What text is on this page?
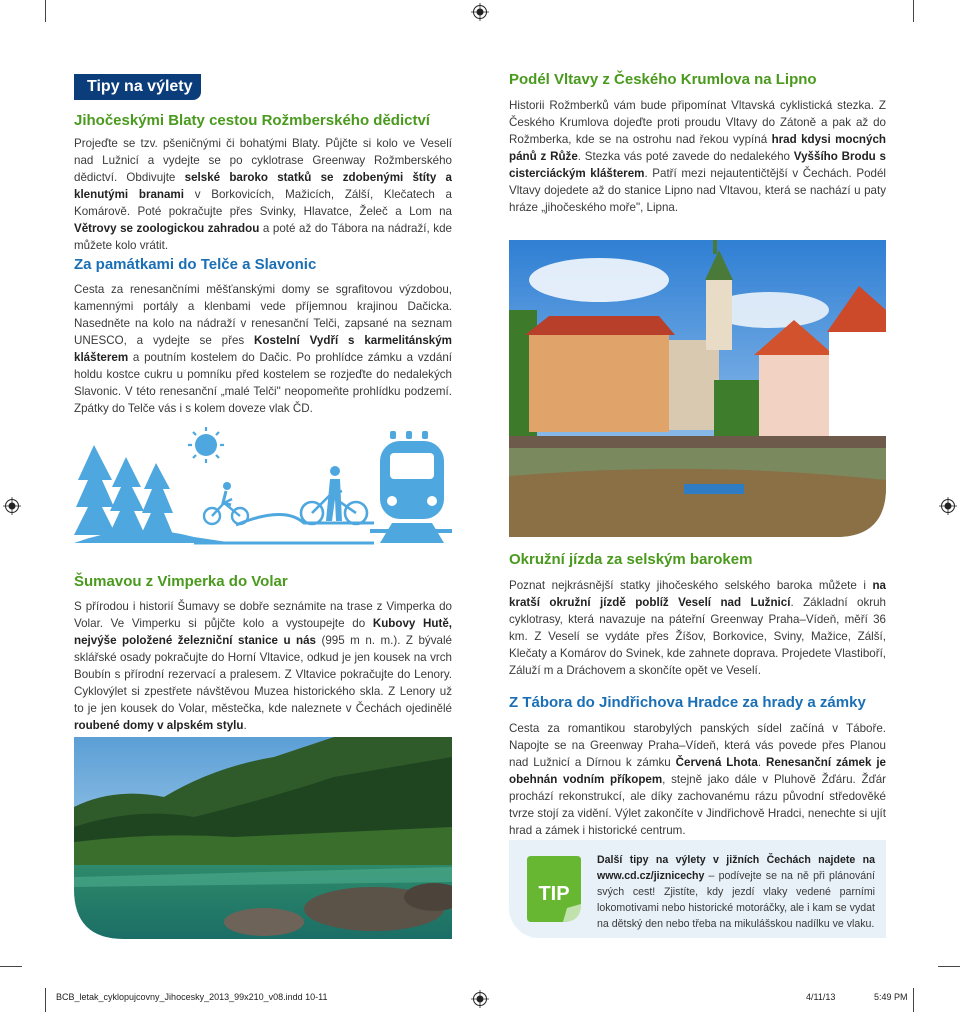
Tipy na výlety
Jihočeskými Blaty cestou Rožmberského dědictví

Projeďte se tzv. pšeničnými či bohatými Blaty. Půjčte si kolo ve Veselí nad Lužnicí a vydejte se po cyklotrase Greenway Rožmberského dědictví. Obdivujte selské baroko statků se zdobenými štíty a klenutými branami v Borkovicích, Mažicích, Zálší, Klečatech a Komárově. Poté pokračujte přes Svinky, Hlavatce, Želeč a Lom na Větrovy se zoologickou zahradou a poté až do Tábora na nádraží, kde můžete kolo vrátit.

Za památkami do Telče a Slavonic

Cesta za renesančními měšťanskými domy se sgrafitovou výzdobou, kamennými portály a klenbami vede příjemnou krajinou Dačicka. Nasedněte na kolo na nádraží v renesanční Telči, zapsané na seznam UNESCO, a vydejte se přes Kostelní Vydří s karmelitánským klášterem a poutním kostelem do Dačic. Po prohlídce zámku a vzdání holdu kostce cukru u pomníku před kostelem se rozjeďte do nedalekých Slavonic. V této renesanční „malé Telči" neopomeňte prohlídku podzemí. Zpátky do Telče vás i s kolem doveze vlak ČD.

Šumavou z Vimperka do Volar

S přírodou i historií Šumavy se dobře seznámite na trase z Vimperka do Volar. Ve Vimperku si půjčte kolo a vystoupejte do Kubovy Hutě, nejvýše položené železniční stanice u nás (995 m n. m.). Z bývalé sklářské osady pokračujte do Horní Vltavice, odkud je jen kousek na vrch Boubín s přírodní rezervací a pralesem. Z Vltavice pokračujte do Lenory. Cyklovýlet si zpestřete návštěvou Muzea historického skla. Z Lenory už to je jen kousek do Volar, městečka, kde naleznete v Čechách ojedinělé roubené domy v alpském stylu.

Podél Vltavy z Českého Krumlova na Lipno

Historii Rožmberků vám bude připomínat Vltavská cyklistická stezka. Z Českého Krumlova dojeďte proti proudu Vltavy do Zátoně a pak až do Rožmberka, kde se na ostrohu nad řekou vypíná hrad kdysi mocných pánů z Růže. Stezka vás poté zavede do nedalekého Vyššího Brodu s cisterciáckým klášterem. Patří mezi nejautentičtější v Čechách. Podél Vltavy dojedete až do stanice Lipno nad Vltavou, která se nachází u paty hráze „jihočeského moře", Lipna.

Okružní jízda za selským barokem

Poznat nejkrásnější statky jihočeského selského baroka můžete i na kratší okružní jízdě poblíž Veselí nad Lužnicí. Základní okruh cyklotrasy, která navazuje na páteřní Greenway Praha–Vídeň, měří 36 km. Z Veselí se vydáte přes Žíšov, Borkovice, Sviny, Mažice, Zálší, Klečaty a Komárov do Svinek, kde zahnete doprava. Projedete Vlastiboří, Záluží m a Dráchovem a skončíte opět ve Veselí.

Z Tábora do Jindřichova Hradce za hrady a zámky

Cesta za romantikou starobylých panských sídel začíná v Táboře. Napojte se na Greenway Praha–Vídeň, která vás povede přes Planou nad Lužnicí a Dírnou k zámku Červená Lhota. Renesanční zámek je obehnán vodním příkopem, stejně jako dále v Pluhově Žďáru. Žďár prochází rekonstrukcí, ale díky zachovanému rázu původní středověké tvrze stojí za vidění. Výlet zakončíte v Jindřichově Hradci, nenechte si ujít hrad a zámek i historické centrum.

TIP

Další tipy na výlety v jižních Čechách najdete na www.cd.cz/jiznicechy – podívejte se na ně při plánování svých cest! Zjistíte, kdy jezdí vlaky vedené parními lokomotivami nebo historické motoráčky, ale i kam se vydat na dětský den nebo třeba na mikulášskou nadílku ve vlaku.

BCB_letak_cyklopujcovny_Jihocesky_2013_99x210_v08.indd 10-11	4/11/13	5:49 PM
